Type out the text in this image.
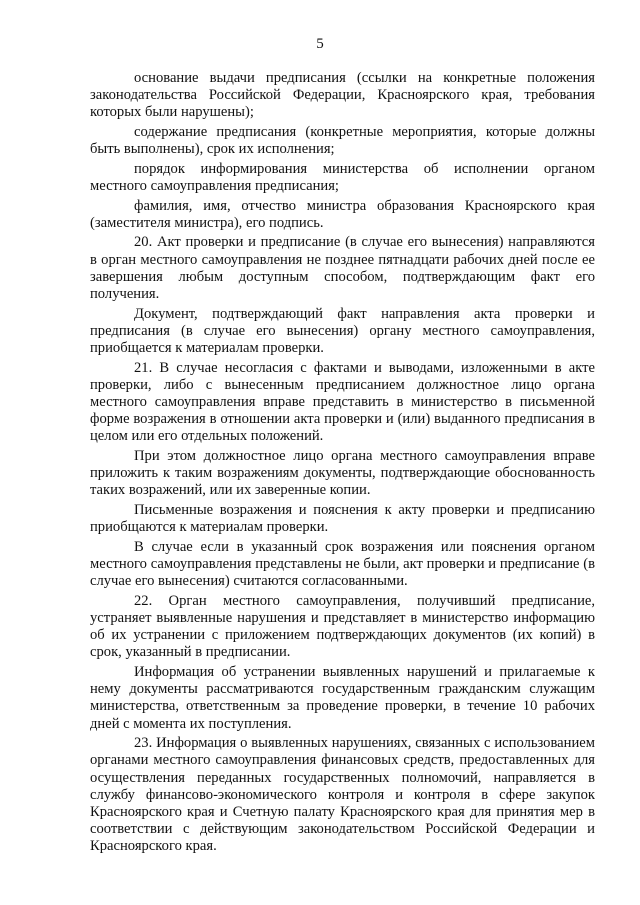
5

основание выдачи предписания (ссылки на конкретные положения законодательства Российской Федерации, Красноярского края, требования которых были нарушены);

содержание предписания (конкретные мероприятия, которые должны быть выполнены), срок их исполнения;

порядок информирования министерства об исполнении органом местного самоуправления предписания;

фамилия, имя, отчество министра образования Красноярского края (заместителя министра), его подпись.

20. Акт проверки и предписание (в случае его вынесения) направляются в орган местного самоуправления не позднее пятнадцати рабочих дней после ее завершения любым доступным способом, подтверждающим факт его получения.

Документ, подтверждающий факт направления акта проверки и предписания (в случае его вынесения) органу местного самоуправления, приобщается к материалам проверки.

21. В случае несогласия с фактами и выводами, изложенными в акте проверки, либо с вынесенным предписанием должностное лицо органа местного самоуправления вправе представить в министерство в письменной форме возражения в отношении акта проверки и (или) выданного предписания в целом или его отдельных положений.

При этом должностное лицо органа местного самоуправления вправе приложить к таким возражениям документы, подтверждающие обоснованность таких возражений, или их заверенные копии.

Письменные возражения и пояснения к акту проверки и предписанию приобщаются к материалам проверки.

В случае если в указанный срок возражения или пояснения органом местного самоуправления представлены не были, акт проверки и предписание (в случае его вынесения) считаются согласованными.

22. Орган местного самоуправления, получивший предписание, устраняет выявленные нарушения и представляет в министерство информацию об их устранении с приложением подтверждающих документов (их копий) в срок, указанный в предписании.

Информация об устранении выявленных нарушений и прилагаемые к нему документы рассматриваются государственным гражданским служащим министерства, ответственным за проведение проверки, в течение 10 рабочих дней с момента их поступления.

23. Информация о выявленных нарушениях, связанных с использованием органами местного самоуправления финансовых средств, предоставленных для осуществления переданных государственных полномочий, направляется в службу финансово-экономического контроля и контроля в сфере закупок Красноярского края и Счетную палату Красноярского края для принятия мер в соответствии с действующим законодательством Российской Федерации и Красноярского края.
